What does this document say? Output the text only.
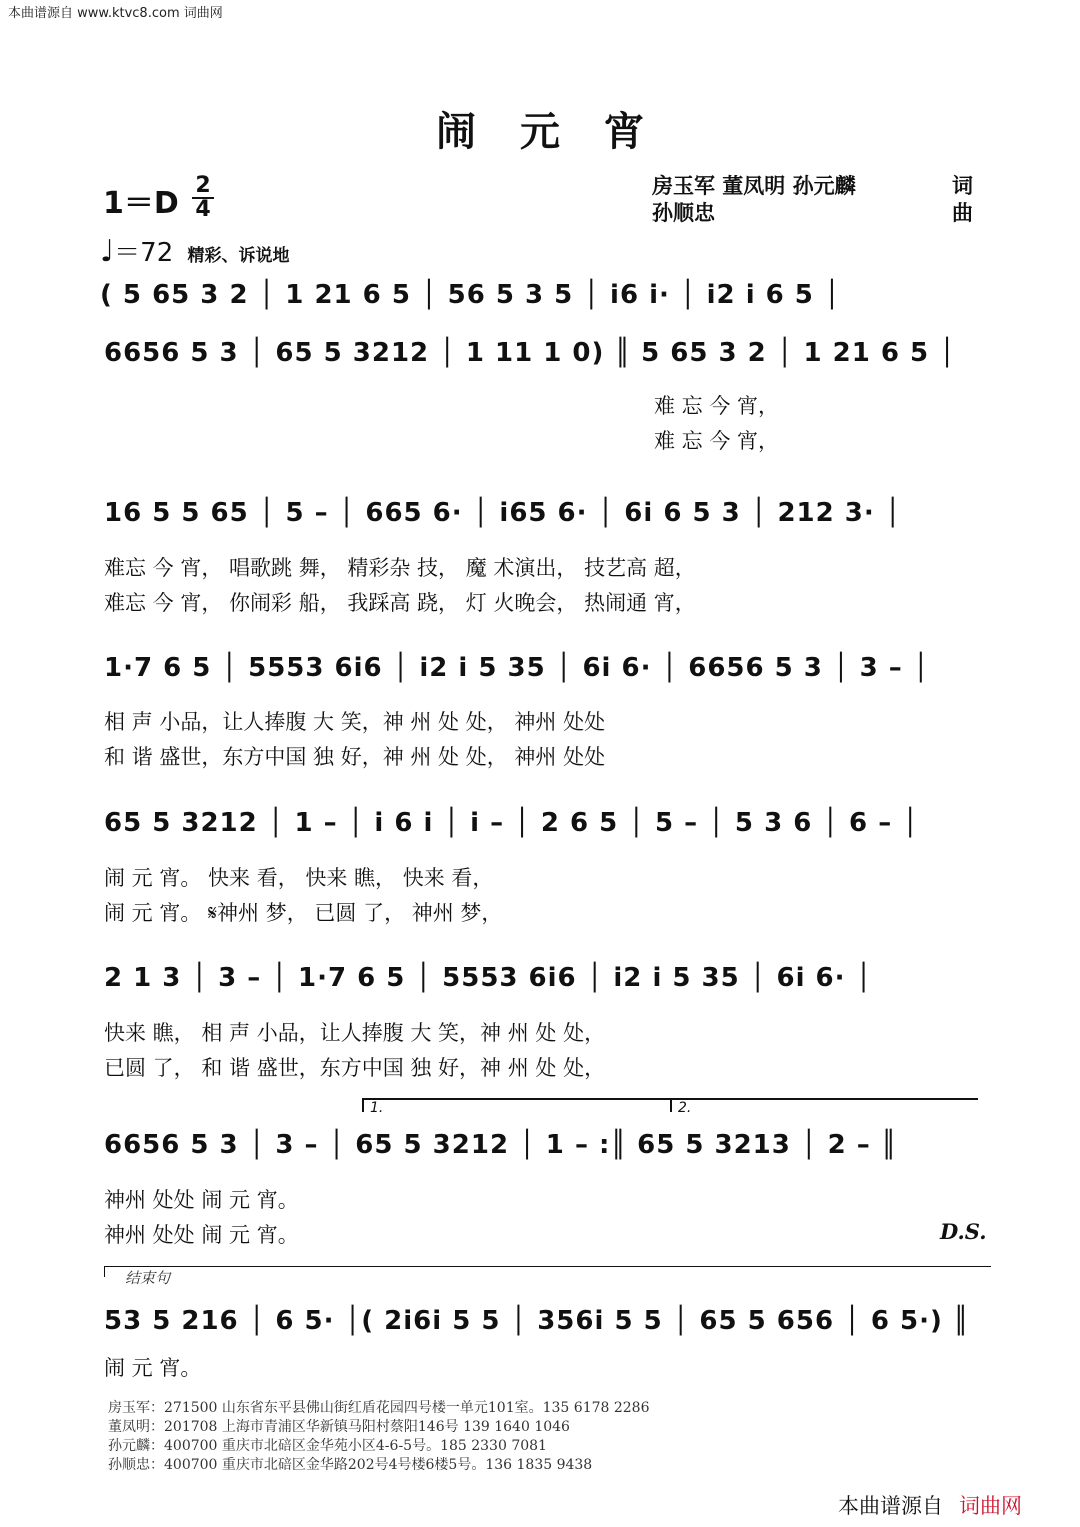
本曲谱源自 www.ktvc8.com 词曲网
闹元宵
房玉军 董凤明 孙元麟	词
孙顺忠	曲
1＝D
2
4
♩＝72 精彩、诉说地
( 5 65 3 2 │ 1 21 6 5 │ 56 5 3 5 │ i6 i· │ i2 i 6 5 │
6656 5 3 │ 65 5 3212 │ 1 11 1 0) ║ 5 65 3 2 │ 1 21 6 5 │
难 忘 今 宵，
难 忘 今 宵，
16 5 5 65 │ 5 – │ 665 6· │ i65 6· │ 6i 6 5 3 │ 212 3· │
难忘 今 宵， 唱歌跳 舞， 精彩杂 技， 魔 术演出， 技艺高 超，
难忘 今 宵， 你闹彩 船， 我踩高 跷， 灯 火晚会， 热闹通 宵，
1·7 6 5 │ 5553 6i6 │ i2 i 5 35 │ 6i 6· │ 6656 5 3 │ 3 – │
相 声 小品，让人捧腹 大 笑，神 州 处 处， 神州 处处
和 谐 盛世，东方中国 独 好，神 州 处 处， 神州 处处
65 5 3212 │ 1 – │ i 6 i │ i – │ 2 6 5 │ 5 – │ 5 3 6 │ 6 – │
闹 元 宵。 快来 看， 快来 瞧， 快来 看，
闹 元 宵。 𝄋神州 梦， 已圆 了， 神州 梦，
2 1 3 │ 3 – │ 1·7 6 5 │ 5553 6i6 │ i2 i 5 35 │ 6i 6· │
快来 瞧， 相 声 小品，让人捧腹 大 笑，神 州 处 处，
已圆 了， 和 谐 盛世，东方中国 独 好，神 州 处 处，
1.	2.
6656 5 3 │ 3 – │ 65 5 3212 │ 1 – :║ 65 5 3213 │ 2 – ║
神州 处处 闹 元 宵。
神州 处处 闹 元 宵。	D.S.
结束句
53 5 216 │ 6 5· │( 2i6i 5 5 │ 356i 5 5 │ 65 5 656 │ 6 5·) ║
闹 元 宵。
房玉军：271500 山东省东平县佛山街红盾花园四号楼一单元101室。135 6178 2286
董凤明：201708 上海市青浦区华新镇马阳村蔡阳146号 139 1640 1046
孙元麟：400700 重庆市北碚区金华苑小区4-6-5号。185 2330 7081
孙顺忠：400700 重庆市北碚区金华路202号4号楼6楼5号。136 1835 9438
本曲谱源自 词曲网
